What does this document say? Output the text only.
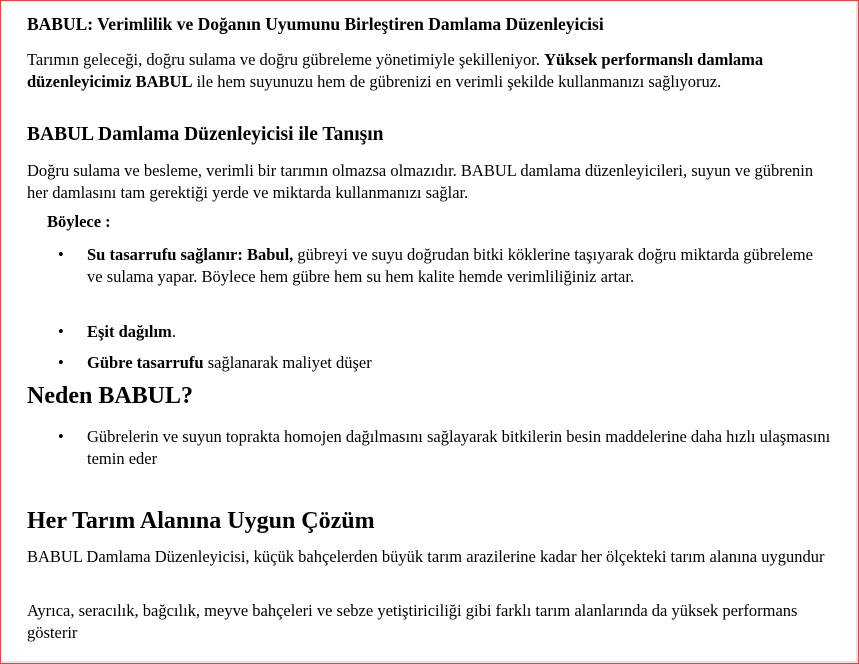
BABUL: Verimlilik ve Doğanın Uyumunu Birleştiren Damlama Düzenleyicisi

Tarımın geleceği, doğru sulama ve doğru gübreleme yönetimiyle şekilleniyor. Yüksek performanslı damlama düzenleyicimiz BABUL ile hem suyunuzu hem de gübrenizi en verimli şekilde kullanmanızı sağlıyoruz.

BABUL Damlama Düzenleyicisi ile Tanışın

Doğru sulama ve besleme, verimli bir tarımın olmazsa olmazıdır. BABUL damlama düzenleyicileri, suyun ve gübrenin her damlasını tam gerektiği yerde ve miktarda kullanmanızı sağlar.

Böylece :

• Su tasarrufu sağlanır: Babul, gübreyi ve suyu doğrudan bitki köklerine taşıyarak doğru miktarda gübreleme ve sulama yapar. Böylece hem gübre hem su hem kalite hemde verimliliğiniz artar.
• Eşit dağılım.
• Gübre tasarrufu sağlanarak maliyet düşer
Neden BABUL?
• Gübrelerin ve suyun toprakta homojen dağılmasını sağlayarak bitkilerin besin maddelerine daha hızlı ulaşmasını temin eder
Her Tarım Alanına Uygun Çözüm

BABUL Damlama Düzenleyicisi, küçük bahçelerden büyük tarım arazilerine kadar her ölçekteki tarım alanına uygundur

Ayrıca, seracılık, bağcılık, meyve bahçeleri ve sebze yetiştiriciliği gibi farklı tarım alanlarında da yüksek performans gösterir
